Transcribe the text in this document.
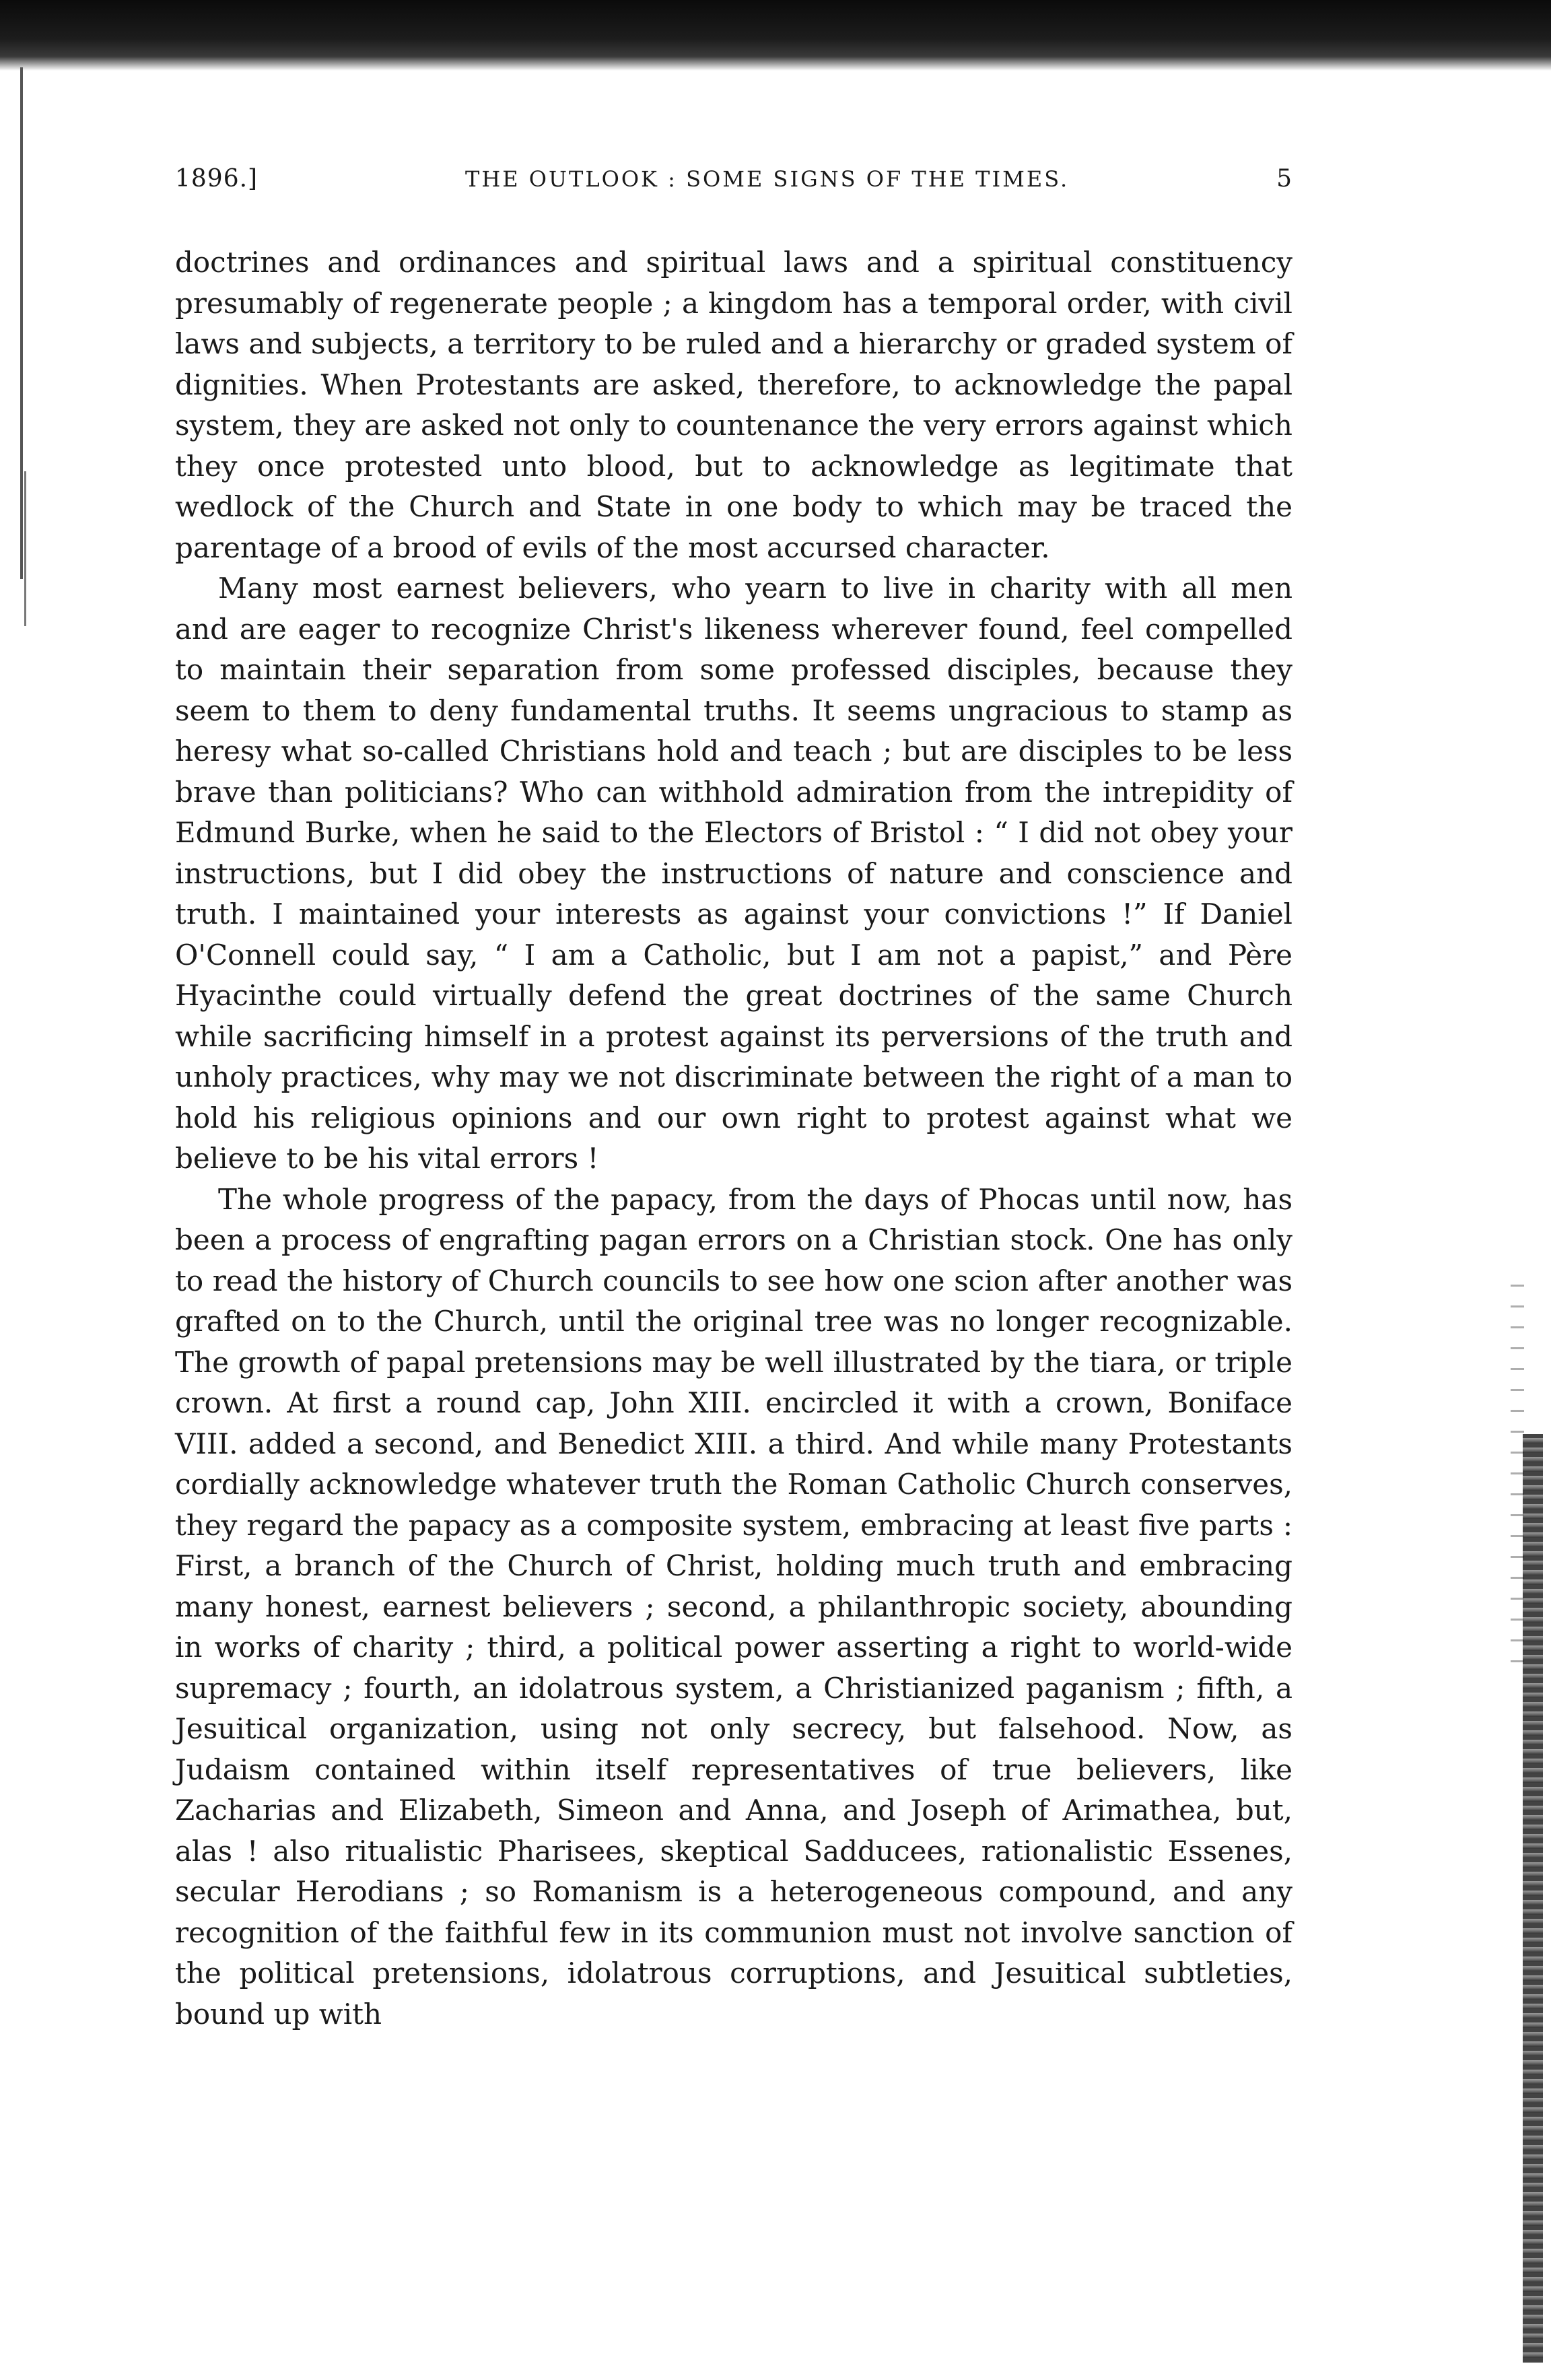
1896.]	THE OUTLOOK : SOME SIGNS OF THE TIMES.	5

doctrines and ordinances and spiritual laws and a spiritual constituency presumably of regenerate people ; a kingdom has a temporal order, with civil laws and subjects, a territory to be ruled and a hierarchy or graded system of dignities. When Protestants are asked, therefore, to acknowledge the papal system, they are asked not only to countenance the very errors against which they once protested unto blood, but to acknowledge as legitimate that wedlock of the Church and State in one body to which may be traced the parentage of a brood of evils of the most accursed character.

Many most earnest believers, who yearn to live in charity with all men and are eager to recognize Christ's likeness wherever found, feel compelled to maintain their separation from some professed disciples, because they seem to them to deny fundamental truths. It seems ungracious to stamp as heresy what so-called Christians hold and teach ; but are disciples to be less brave than politicians? Who can withhold admiration from the intrepidity of Edmund Burke, when he said to the Electors of Bristol : “ I did not obey your instructions, but I did obey the instructions of nature and conscience and truth. I maintained your interests as against your convictions !” If Daniel O'Connell could say, “ I am a Catholic, but I am not a papist,” and Père Hyacinthe could virtually defend the great doctrines of the same Church while sacrificing himself in a protest against its perversions of the truth and unholy practices, why may we not discriminate between the right of a man to hold his religious opinions and our own right to protest against what we believe to be his vital errors !

The whole progress of the papacy, from the days of Phocas until now, has been a process of engrafting pagan errors on a Christian stock. One has only to read the history of Church councils to see how one scion after another was grafted on to the Church, until the original tree was no longer recognizable. The growth of papal pretensions may be well illustrated by the tiara, or triple crown. At first a round cap, John XIII. encircled it with a crown, Boniface VIII. added a second, and Benedict XIII. a third. And while many Protestants cordially acknowledge whatever truth the Roman Catholic Church conserves, they regard the papacy as a composite system, embracing at least five parts : First, a branch of the Church of Christ, holding much truth and embracing many honest, earnest believers ; second, a philanthropic society, abounding in works of charity ; third, a political power asserting a right to world-wide supremacy ; fourth, an idolatrous system, a Christianized paganism ; fifth, a Jesuitical organization, using not only secrecy, but falsehood. Now, as Judaism contained within itself representatives of true believers, like Zacharias and Elizabeth, Simeon and Anna, and Joseph of Arimathea, but, alas ! also ritualistic Pharisees, skeptical Sadducees, rationalistic Essenes, secular Herodians ; so Romanism is a heterogeneous compound, and any recognition of the faithful few in its communion must not involve sanction of the political pretensions, idolatrous corruptions, and Jesuitical subtleties, bound up with
